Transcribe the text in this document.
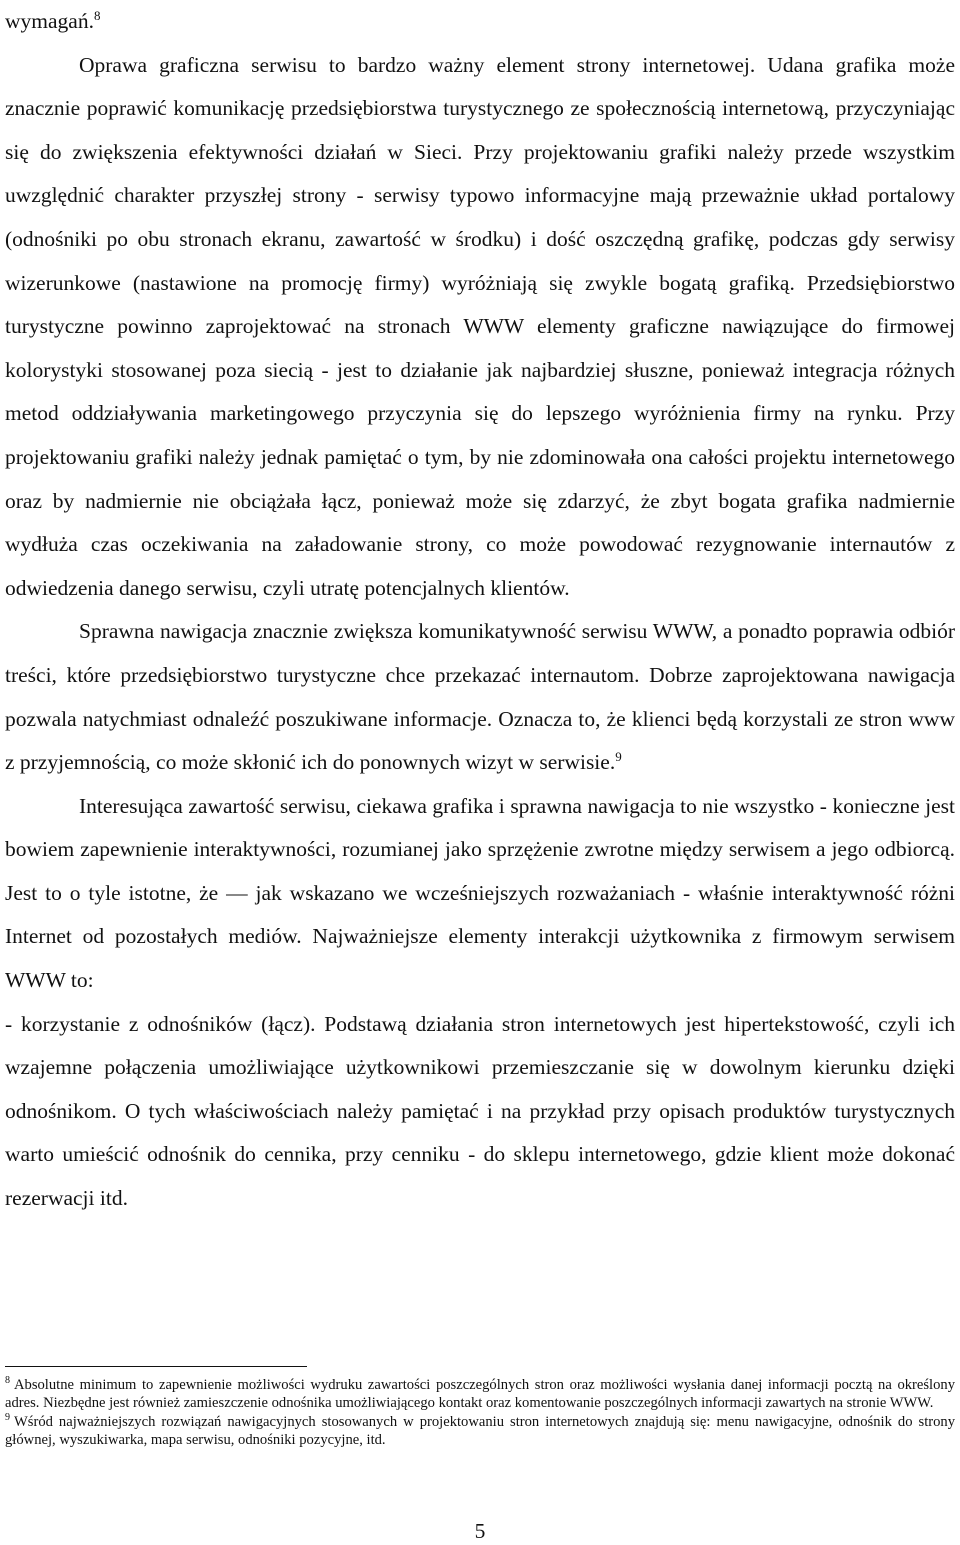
wymagań.$^8$

Oprawa graficzna serwisu to bardzo ważny element strony internetowej. Udana grafika może znacznie poprawić komunikację przedsiębiorstwa turystycznego ze społecznością internetową, przyczyniając się do zwiększenia efektywności działań w Sieci. Przy projektowaniu grafiki należy przede wszystkim uwzględnić charakter przyszłej strony - serwisy typowo informacyjne mają przeważnie układ portalowy (odnośniki po obu stronach ekranu, zawartość w środku) i dość oszczędną grafikę, podczas gdy serwisy wizerunkowe (nastawione na promocję firmy) wyróżniają się zwykle bogatą grafiką. Przedsiębiorstwo turystyczne powinno zaprojektować na stronach WWW elementy graficzne nawiązujące do firmowej kolorystyki stosowanej poza siecią - jest to działanie jak najbardziej słuszne, ponieważ integracja różnych metod oddziaływania marketingowego przyczynia się do lepszego wyróżnienia firmy na rynku. Przy projektowaniu grafiki należy jednak pamiętać o tym, by nie zdominowała ona całości projektu internetowego oraz by nadmiernie nie obciążała łącz, ponieważ może się zdarzyć, że zbyt bogata grafika nadmiernie wydłuża czas oczekiwania na załadowanie strony, co może powodować rezygnowanie internautów z odwiedzenia danego serwisu, czyli utratę potencjalnych klientów.

Sprawna nawigacja znacznie zwiększa komunikatywność serwisu WWW, a ponadto poprawia odbiór treści, które przedsiębiorstwo turystyczne chce przekazać internautom. Dobrze zaprojektowana nawigacja pozwala natychmiast odnaleźć poszukiwane informacje. Oznacza to, że klienci będą korzystali ze stron www z przyjemnością, co może skłonić ich do ponownych wizyt w serwisie.$^9$

Interesująca zawartość serwisu, ciekawa grafika i sprawna nawigacja to nie wszystko - konieczne jest bowiem zapewnienie interaktywności, rozumianej jako sprzężenie zwrotne między serwisem a jego odbiorcą. Jest to o tyle istotne, że — jak wskazano we wcześniejszych rozważaniach - właśnie interaktywność różni Internet od pozostałych mediów. Najważniejsze elementy interakcji użytkownika z firmowym serwisem WWW to:

- korzystanie z odnośników (łącz). Podstawą działania stron internetowych jest hipertekstowość, czyli ich wzajemne połączenia umożliwiające użytkownikowi przemieszczanie się w dowolnym kierunku dzięki odnośnikom. O tych właściwościach należy pamiętać i na przykład przy opisach produktów turystycznych warto umieścić odnośnik do cennika, przy cenniku - do sklepu internetowego, gdzie klient może dokonać rezerwacji itd.

$^8$ Absolutne minimum to zapewnienie możliwości wydruku zawartości poszczególnych stron oraz możliwości wysłania danej informacji pocztą na określony adres. Niezbędne jest również zamieszczenie odnośnika umożliwiającego kontakt oraz komentowanie poszczególnych informacji zawartych na stronie WWW.

$^9$ Wśród najważniejszych rozwiązań nawigacyjnych stosowanych w projektowaniu stron internetowych znajdują się: menu nawigacyjne, odnośnik do strony głównej, wyszukiwarka, mapa serwisu, odnośniki pozycyjne, itd.

5
